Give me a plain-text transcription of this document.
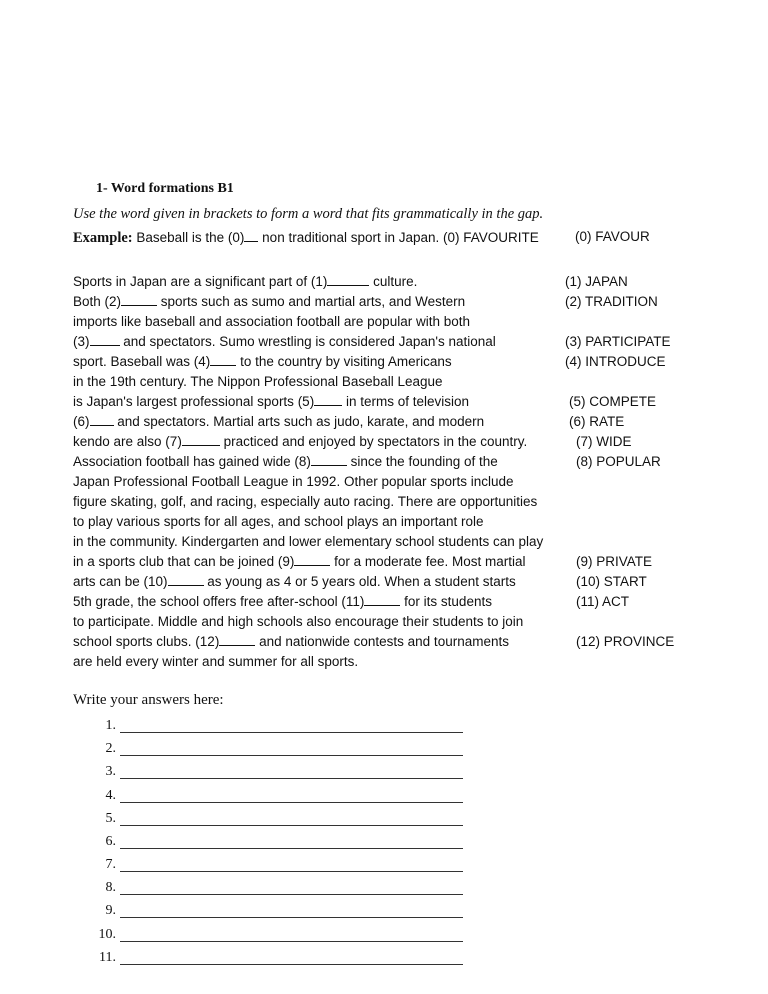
1- Word formations B1
Use the word given in brackets to form a word that fits grammatically in the gap.
Example: Baseball is the (0) non traditional sport in Japan. (0) FAVOURITE	(0) FAVOUR
Sports in Japan are a significant part of (1)	culture.
Both (2)	sports such as sumo and martial arts, and Western
imports like baseball and association football are popular with both
(3) and spectators. Sumo wrestling is considered Japan's national
sport. Baseball was (4) to the country by visiting Americans
in the 19th century. The Nippon Professional Baseball League
is Japan's largest professional sports (5) in terms of television
(6) and spectators. Martial arts such as judo, karate, and modern
kendo are also (7)	practiced and enjoyed by spectators in the country.
Association football has gained wide (8)	since the founding of the
Japan Professional Football League in 1992. Other popular sports include
figure skating, golf, and racing, especially auto racing. There are opportunities
to play various sports for all ages, and school plays an important role
in the community. Kindergarten and lower elementary school students can play
in a sports club that can be joined (9)	for a moderate fee. Most martial
arts can be (10)	as young as 4 or 5 years old. When a student starts
5th grade, the school offers free after-school (11)	for its students
to participate. Middle and high schools also encourage their students to join
school sports clubs. (12)	and nationwide contests and tournaments
are held every winter and summer for all sports.
(1) JAPAN
(2) TRADITION
(3) PARTICIPATE
(4) INTRODUCE
(5) COMPETE
(6) RATE
(7) WIDE
(8) POPULAR
(9) PRIVATE
(10) START
(11) ACT
(12) PROVINCE
Write your answers here:
1.
2.
3.
4.
5.
6.
7.
8.
9.
10.
11.
